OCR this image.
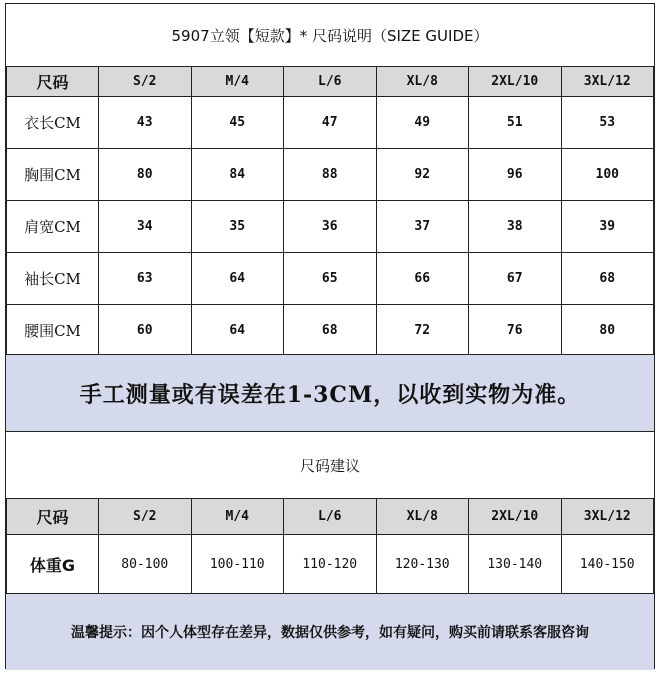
5907立领【短款】* 尺码说明（SIZE GUIDE）
尺码	S/2	M/4	L/6	XL/8	2XL/10	3XL/12
衣长CM	43	45	47	49	51	53
胸围CM	80	84	88	92	96	100
肩宽CM	34	35	36	37	38	39
袖长CM	63	64	65	66	67	68
腰围CM	60	64	68	72	76	80
手工测量或有误差在1-3CM，以收到实物为准。
尺码建议
尺码	S/2	M/4	L/6	XL/8	2XL/10	3XL/12
体重G	80-100	100-110	110-120	120-130	130-140	140-150
温馨提示：因个人体型存在差异，数据仅供参考，如有疑问，购买前请联系客服咨询
